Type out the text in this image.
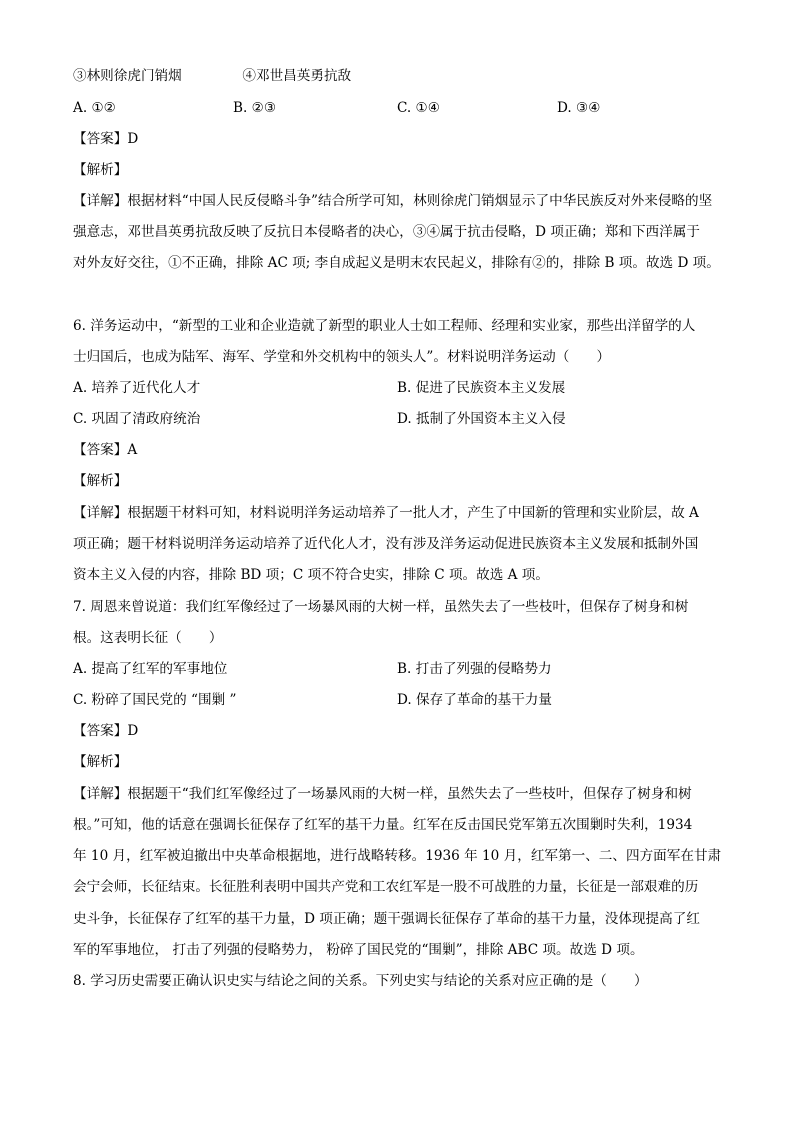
③林则徐虎门销烟	④邓世昌英勇抗敌
A. ①②	B. ②③	C. ①④	D. ③④
【答案】D
【解析】
【详解】根据材料“中国人民反侵略斗争”结合所学可知，林则徐虎门销烟显示了中华民族反对外来侵略的坚
强意志，邓世昌英勇抗敌反映了反抗日本侵略者的决心，③④属于抗击侵略，D 项正确；郑和下西洋属于
对外友好交往，①不正确，排除 AC 项; 李自成起义是明末农民起义，排除有②的，排除 B 项。故选 D 项。
6. 洋务运动中，“新型的工业和企业造就了新型的职业人士如工程师、经理和实业家，那些出洋留学的人
士归国后，也成为陆军、海军、学堂和外交机构中的领头人”。材料说明洋务运动（　　）
A. 培养了近代化人才	B. 促进了民族资本主义发展
C. 巩固了清政府统治	D. 抵制了外国资本主义入侵
【答案】A
【解析】
【详解】根据题干材料可知，材料说明洋务运动培养了一批人才，产生了中国新的管理和实业阶层，故 A
项正确；题干材料说明洋务运动培养了近代化人才，没有涉及洋务运动促进民族资本主义发展和抵制外国
资本主义入侵的内容，排除 BD 项；C 项不符合史实，排除 C 项。故选 A 项。
7. 周恩来曾说道：我们红军像经过了一场暴风雨的大树一样，虽然失去了一些枝叶，但保存了树身和树
根。这表明长征（　　）
A. 提高了红军的军事地位	B. 打击了列强的侵略势力
C. 粉碎了国民党的 “围剿 ”	D. 保存了革命的基干力量
【答案】D
【解析】
【详解】根据题干“我们红军像经过了一场暴风雨的大树一样，虽然失去了一些枝叶，但保存了树身和树
根。”可知，他的话意在强调长征保存了红军的基干力量。红军在反击国民党军第五次围剿时失利，1934
年 10 月，红军被迫撤出中央革命根据地，进行战略转移。1936 年 10 月，红军第一、二、四方面军在甘肃
会宁会师，长征结束。长征胜利表明中国共产党和工农红军是一股不可战胜的力量，长征是一部艰难的历
史斗争，长征保存了红军的基干力量，D 项正确；题干强调长征保存了革命的基干力量，没体现提高了红
军的军事地位， 打击了列强的侵略势力， 粉碎了国民党的“围剿”，排除 ABC 项。故选 D 项。
8. 学习历史需要正确认识史实与结论之间的关系。下列史实与结论的关系对应正确的是（　　）
